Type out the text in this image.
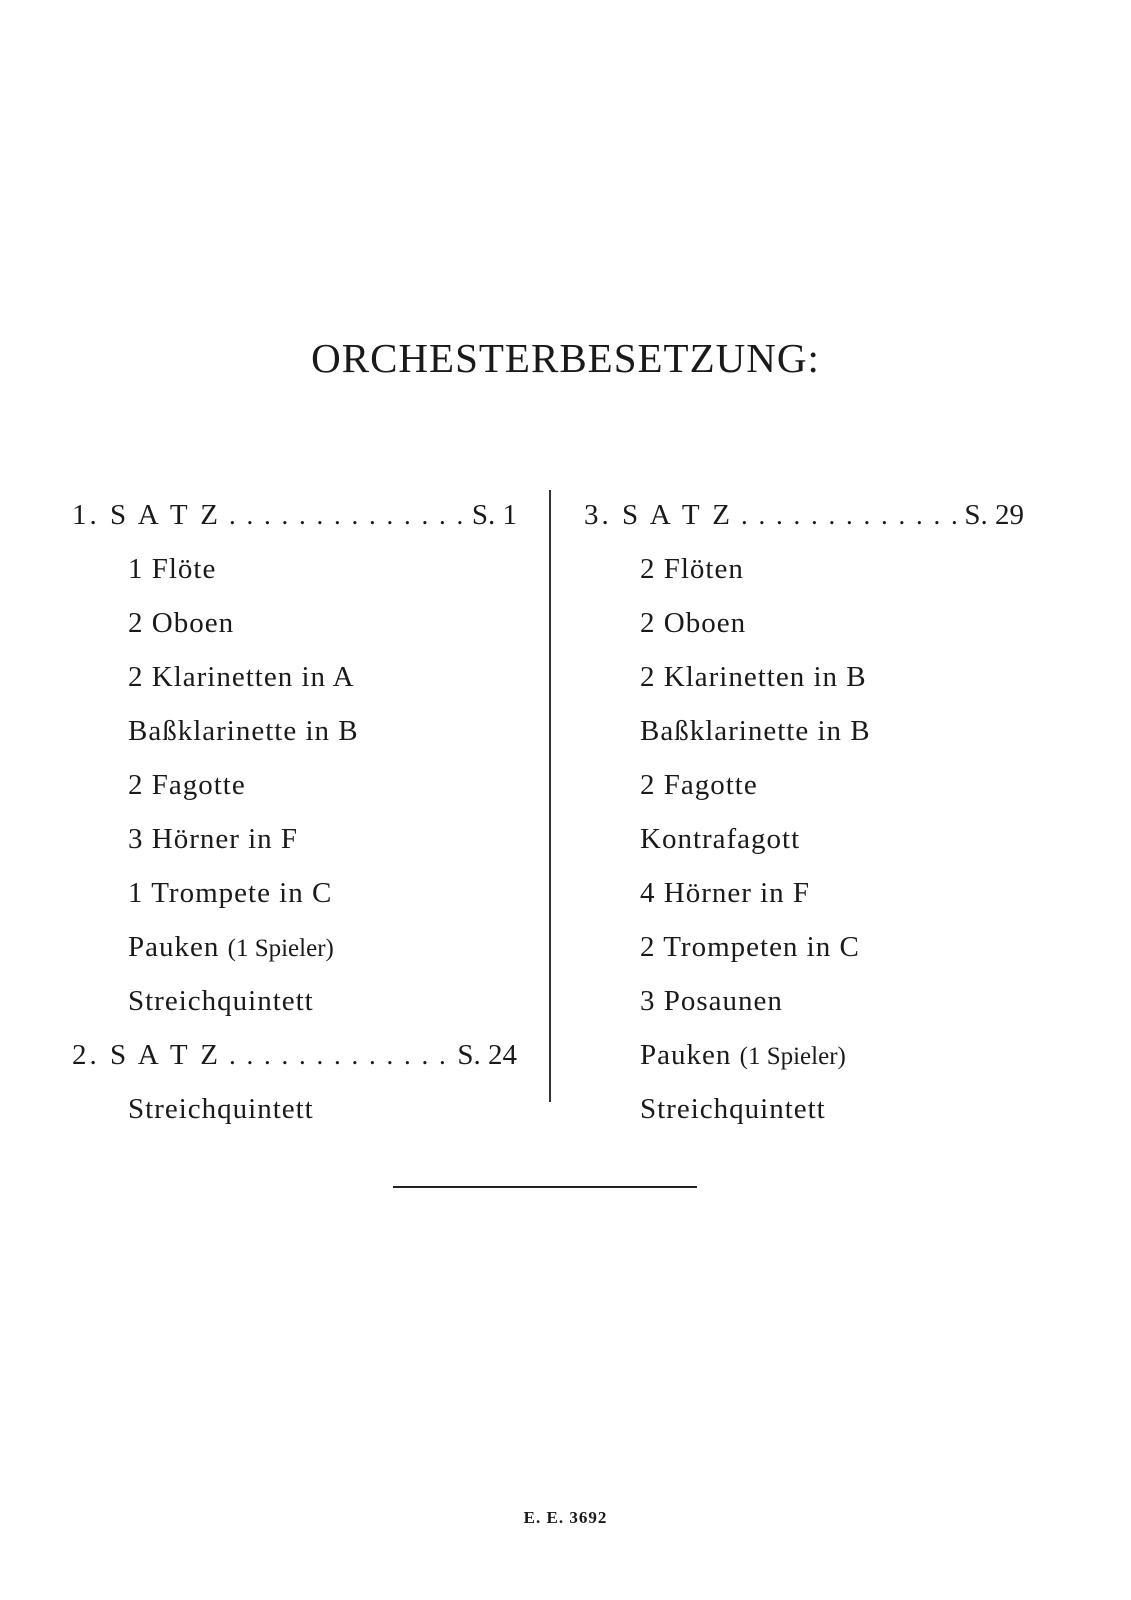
ORCHESTERBESETZUNG:
1. S A T Z . . .	S. 1
1 Flöte
2 Oboen
2 Klarinetten in A
Baßklarinette in B
2 Fagotte
3 Hörner in F
1 Trompete in C
Pauken (1 Spieler)
Streichquintett
2. S A T Z . . .	S. 24
Streichquintett
3. S A T Z . . .	S. 29
2 Flöten
2 Oboen
2 Klarinetten in B
Baßklarinette in B
2 Fagotte
Kontrafagott
4 Hörner in F
2 Trompeten in C
3 Posaunen
Pauken (1 Spieler)
Streichquintett
E. E. 3692
